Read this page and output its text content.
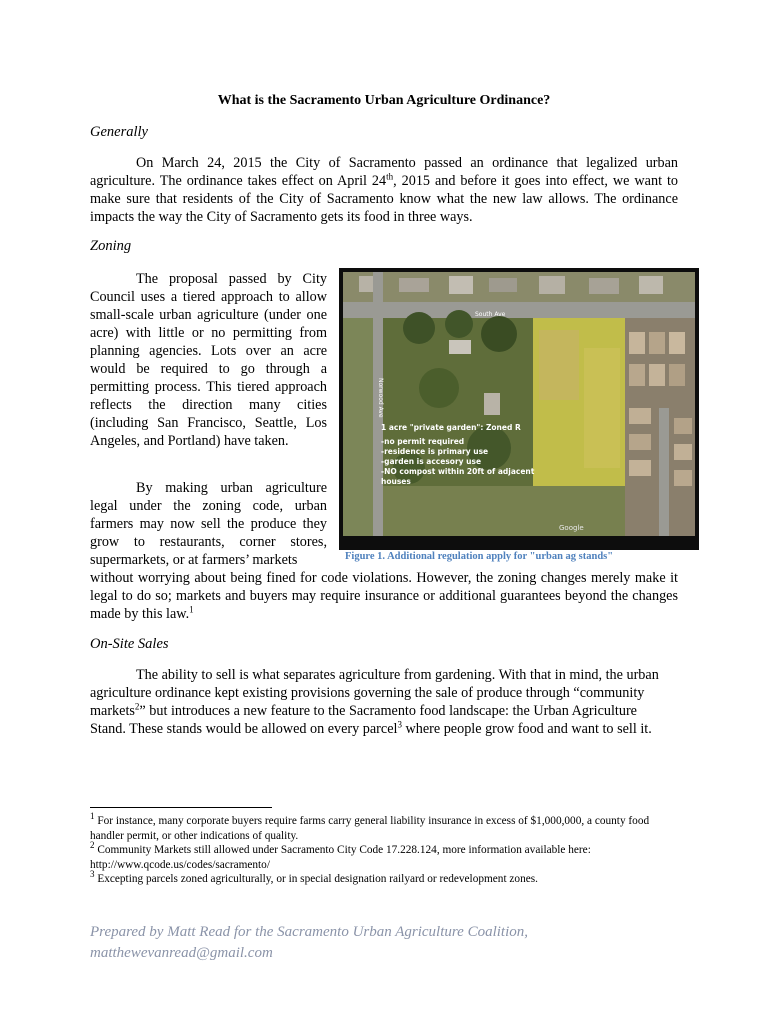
What is the Sacramento Urban Agriculture Ordinance?
Generally
On March 24, 2015 the City of Sacramento passed an ordinance that legalized urban agriculture. The ordinance takes effect on April 24th, 2015 and before it goes into effect, we want to make sure that residents of the City of Sacramento know what the new law allows. The ordinance impacts the way the City of Sacramento gets its food in three ways.
Zoning
The proposal passed by City Council uses a tiered approach to allow small-scale urban agriculture (under one acre) with little or no permitting from planning agencies. Lots over an acre would be required to go through a permitting process. This tiered approach reflects the direction many cities (including San Francisco, Seattle, Los Angeles, and Portland) have taken.
By making urban agriculture legal under the zoning code, urban farmers may now sell the produce they grow to restaurants, corner stores, supermarkets, or at farmers’ markets
without worrying about being fined for code violations. However, the zoning changes merely make it legal to do so; markets and buyers may require insurance or additional guarantees beyond the changes made by this law.$^1$
South Ave
Norwood Ave
1 acre "private garden": Zoned R
-no permit required
-residence is primary use
-garden is accesory use
-NO compost within 20ft of adjacent
houses
Google
Figure 1. Additional regulation apply for "urban ag stands"
On-Site Sales
The ability to sell is what separates agriculture from gardening. With that in mind, the urban agriculture ordinance kept existing provisions governing the sale of produce through “community markets$^2$” but introduces a new feature to the Sacramento food landscape: the Urban Agriculture Stand. These stands would be allowed on every parcel$^3$ where people grow food and want to sell it.
$^1$ For instance, many corporate buyers require farms carry general liability insurance in excess of $1,000,000, a county food handler permit, or other indications of quality.
$^2$ Community Markets still allowed under Sacramento City Code 17.228.124, more information available here: http://www.qcode.us/codes/sacramento/
$^3$ Excepting parcels zoned agriculturally, or in special designation railyard or redevelopment zones.
Prepared by Matt Read for the Sacramento Urban Agriculture Coalition,
matthewevanread@gmail.com
